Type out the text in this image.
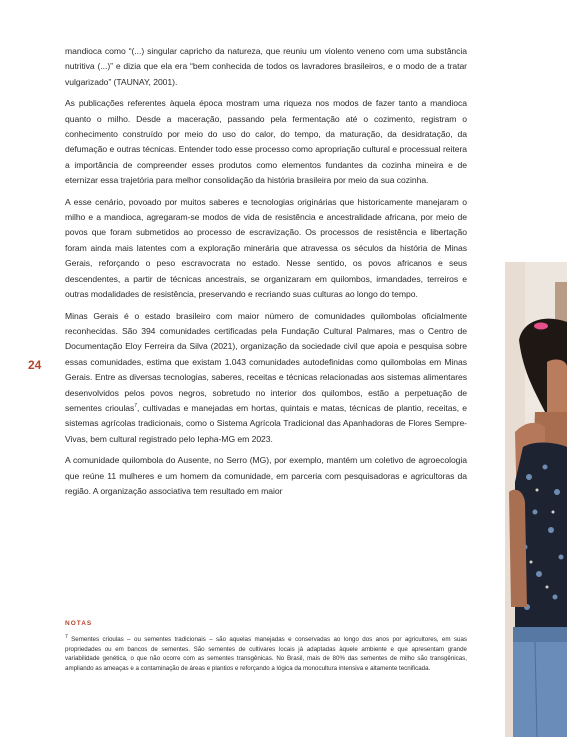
24

mandioca como “(...) singular capricho da natureza, que reuniu um violento veneno com uma substância nutritiva (...)” e dizia que ela era “bem conhecida de todos os lavradores brasileiros, e o modo de a tratar vulgarizado” (TAUNAY, 2001).

As publicações referentes àquela época mostram uma riqueza nos modos de fazer tanto a mandioca quanto o milho. Desde a maceração, passando pela fermentação até o cozimento, registram o conhecimento construído por meio do uso do calor, do tempo, da maturação, da desidratação, da defumação e outras técnicas. Entender todo esse processo como apropriação cultural e processual reitera a importância de compreender esses produtos como elementos fundantes da cozinha mineira e de eternizar essa trajetória para melhor consolidação da história brasileira por meio da sua cozinha.

A esse cenário, povoado por muitos saberes e tecnologias originárias que historicamente manejaram o milho e a mandioca, agregaram-se modos de vida de resistência e ancestralidade africana, por meio de povos que foram submetidos ao processo de escravização. Os processos de resistência e libertação foram ainda mais latentes com a exploração minerária que atravessa os séculos da história de Minas Gerais, reforçando o peso escravocrata no estado. Nesse sentido, os povos africanos e seus descendentes, a partir de técnicas ancestrais, se organizaram em quilombos, irmandades, terreiros e outras modalidades de resistência, preservando e recriando suas culturas ao longo do tempo.

Minas Gerais é o estado brasileiro com maior número de comunidades quilombolas oficialmente reconhecidas. São 394 comunidades certificadas pela Fundação Cultural Palmares, mas o Centro de Documentação Eloy Ferreira da Silva (2021), organização da sociedade civil que apoia e pesquisa sobre essas comunidades, estima que existam 1.043 comunidades autodefinidas como quilombolas em Minas Gerais. Entre as diversas tecnologias, saberes, receitas e técnicas relacionadas aos sistemas alimentares desenvolvidos pelos povos negros, sobretudo no interior dos quilombos, estão a perpetuação de sementes crioulas$^7$, cultivadas e manejadas em hortas, quintais e matas, técnicas de plantio, receitas, e sistemas agrícolas tradicionais, como o Sistema Agrícola Tradicional das Apanhadoras de Flores Sempre-Vivas, bem cultural registrado pelo Iepha-MG em 2023.

A comunidade quilombola do Ausente, no Serro (MG), por exemplo, mantém um coletivo de agroecologia que reúne 11 mulheres e um homem da comunidade, em parceria com pesquisadoras e agricultoras da região. A organização associativa tem resultado em maior

NOTAS

$^7$ Sementes crioulas – ou sementes tradicionais – são aquelas manejadas e conservadas ao longo dos anos por agricultores, em suas propriedades ou em bancos de sementes. São sementes de cultivares locais já adaptadas àquele ambiente e que apresentam grande variabilidade genética, o que não ocorre com as sementes transgênicas. No Brasil, mais de 80% das sementes de milho são transgênicas, ampliando as ameaças e a contaminação de áreas e plantios e reforçando a lógica da monocultura intensiva e altamente tecnificada.
